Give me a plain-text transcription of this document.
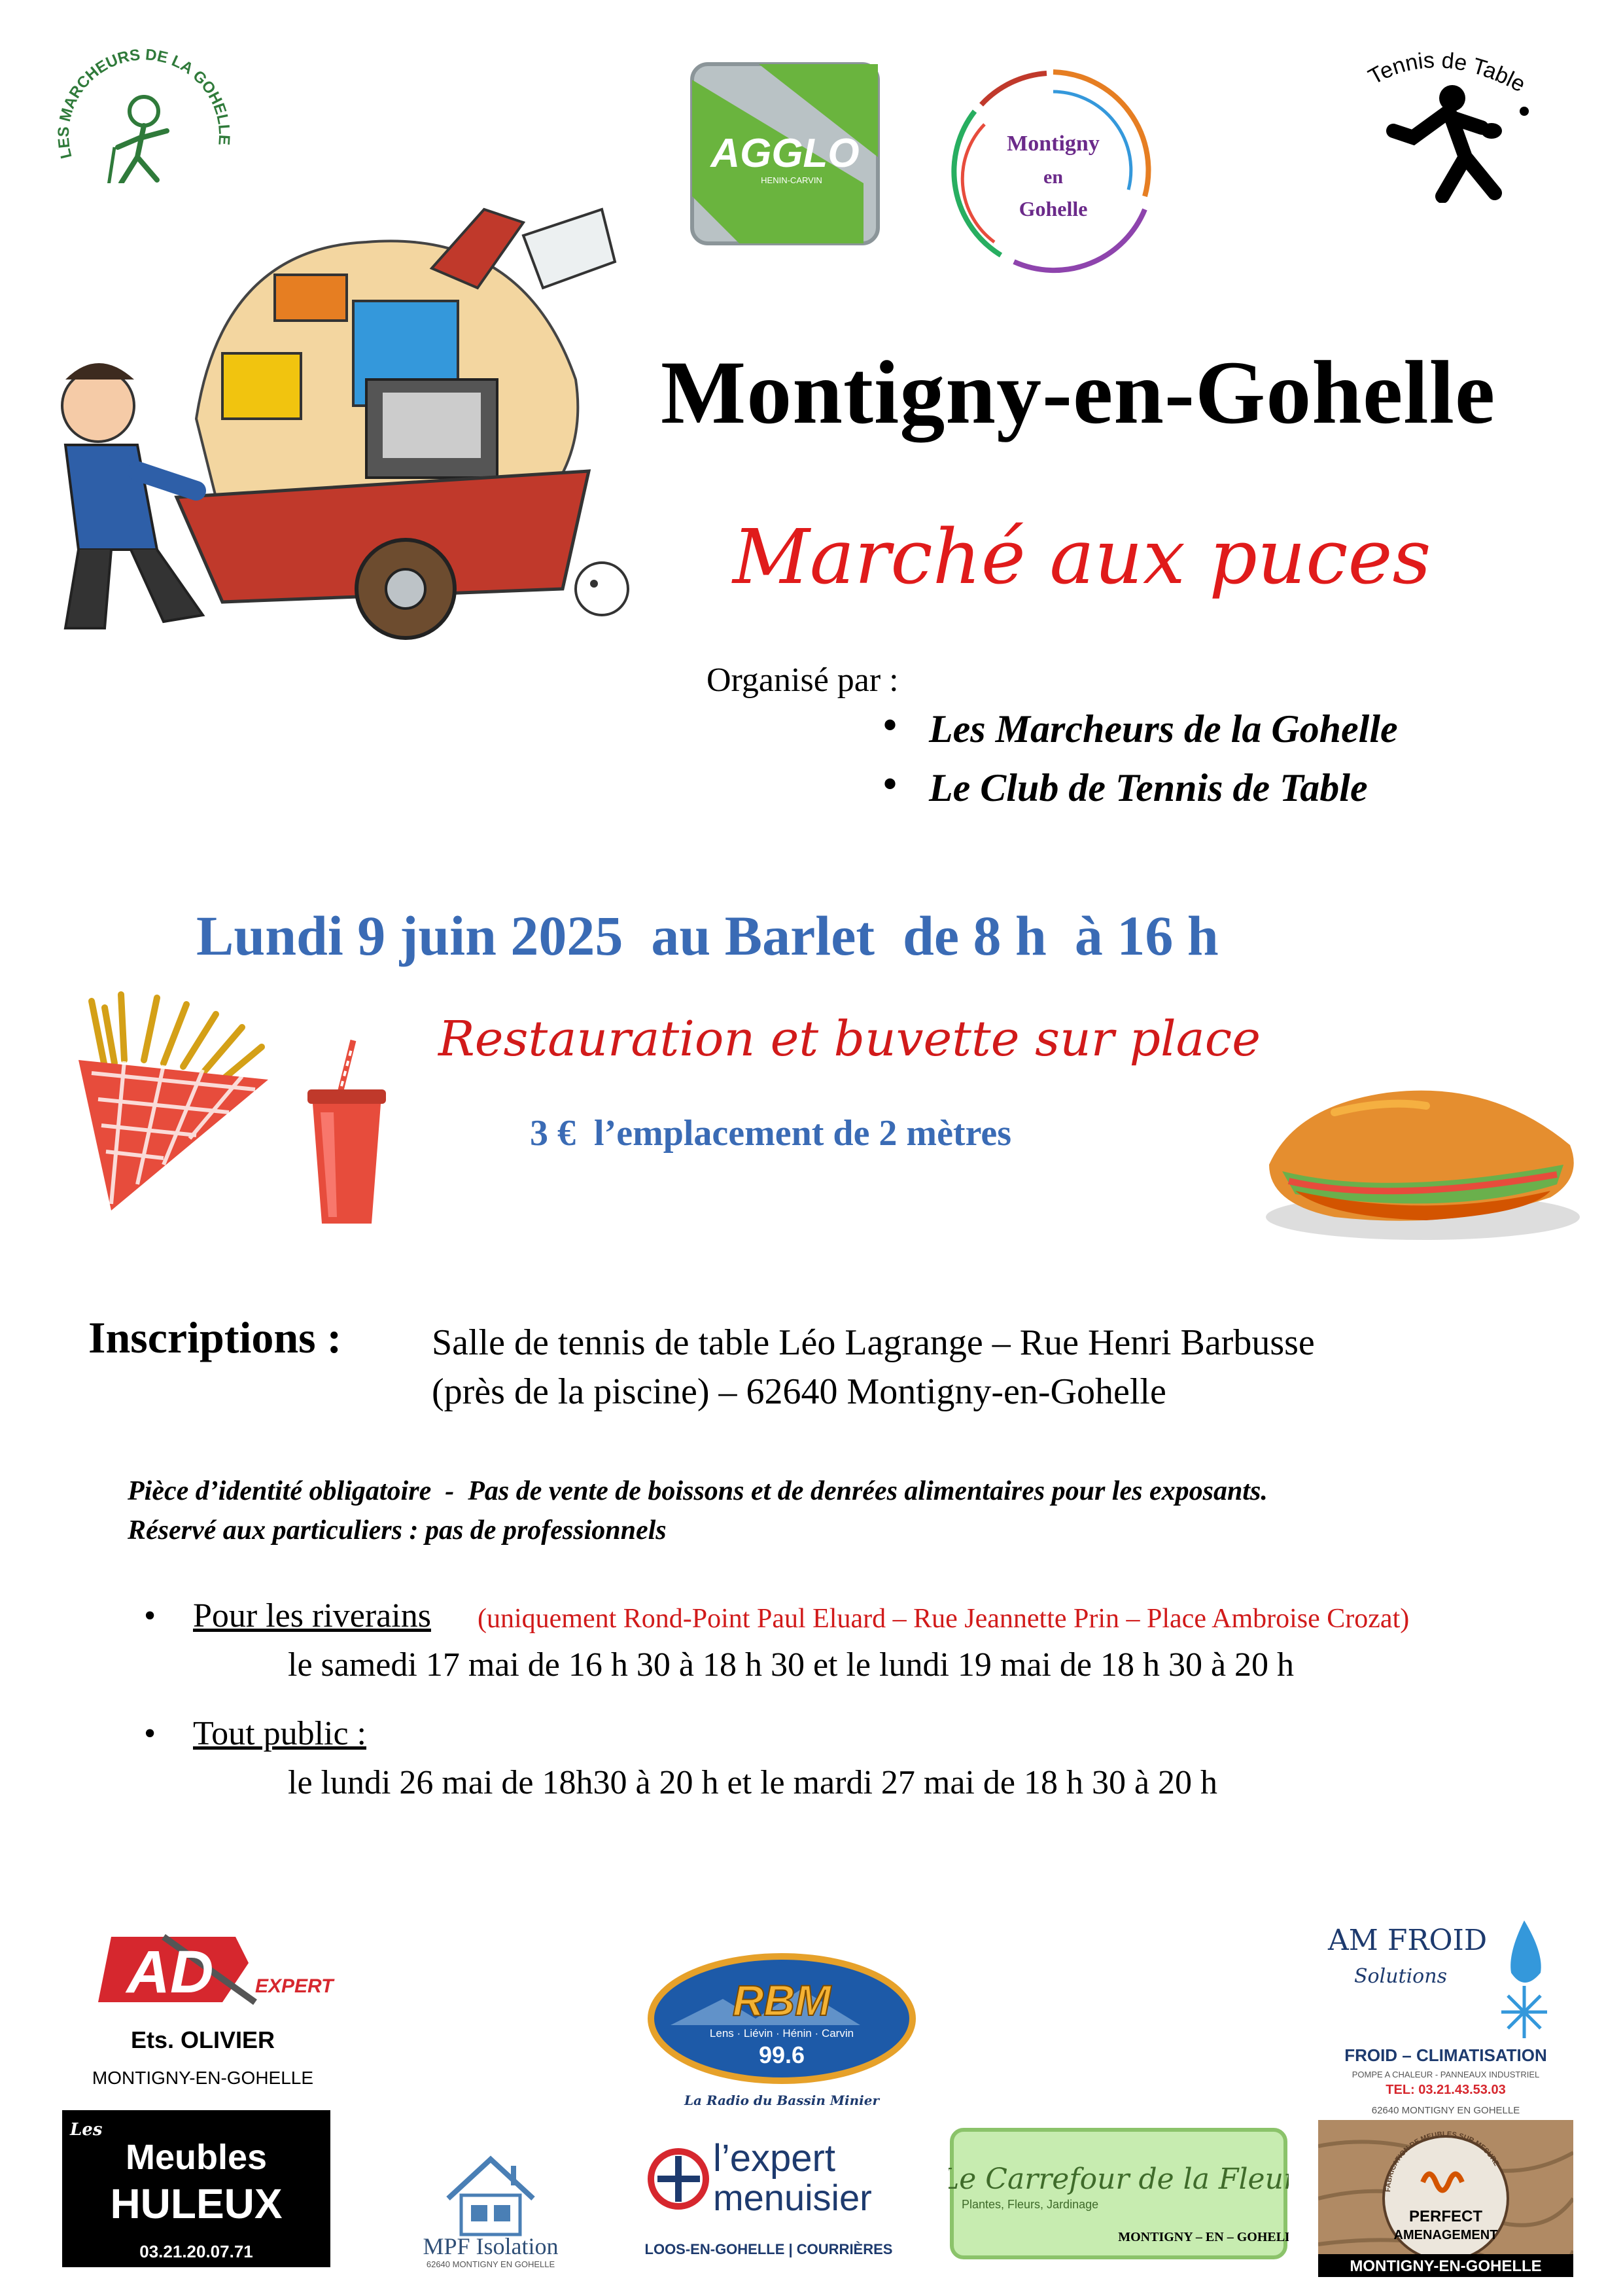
LES MARCHEURS DE LA GOHELLE	AGGLO
HENIN-CARVIN
Montigny
en
Gohelle
Tennis de Table
Montigny-en-Gohelle
Marché aux puces
Organisé par :
• Les Marcheurs de la Gohelle
• Le Club de Tennis de Table
Lundi 9 juin 2025  au Barlet  de 8 h  à 16 h
Restauration et buvette sur place
3 €  l’emplacement de 2 mètres
Inscriptions : Salle de tennis de table Léo Lagrange – Rue Henri Barbusse
(près de la piscine) – 62640 Montigny-en-Gohelle
Pièce d’identité obligatoire  -  Pas de vente de boissons et de denrées alimentaires pour les exposants.
Réservé aux particuliers : pas de professionnels
• Pour les riverains (uniquement Rond-Point Paul Eluard – Rue Jeannette Prin – Place Ambroise Crozat)
le samedi 17 mai de 16 h 30 à 18 h 30 et le lundi 19 mai de 18 h 30 à 20 h
• Tout public :
le lundi 26 mai de 18h30 à 20 h et le mardi 27 mai de 18 h 30 à 20 h
AD EXPERT
Ets. OLIVIER
MONTIGNY-EN-GOHELLE
Les
Meubles
HULEUX
03.21.20.07.71
RBM
Lens · Liévin · Hénin · Carvin
99.6
La Radio du Bassin Minier
MPF Isolation
62640 MONTIGNY EN GOHELLE
l’expert
menuisier
LOOS-EN-GOHELLE | COURRIÈRES
Le Carrefour de la Fleur
Plantes, Fleurs, Jardinage
MONTIGNY – EN – GOHELLE
AM FROID
Solutions
FROID – CLIMATISATION
POMPE A CHALEUR - PANNEAUX INDUSTRIEL
TEL: 03.21.43.53.03
62640 MONTIGNY EN GOHELLE
FABRICATION DE MEUBLES SUR MESURE
PERFECT
AMENAGEMENT
MONTIGNY-EN-GOHELLE
